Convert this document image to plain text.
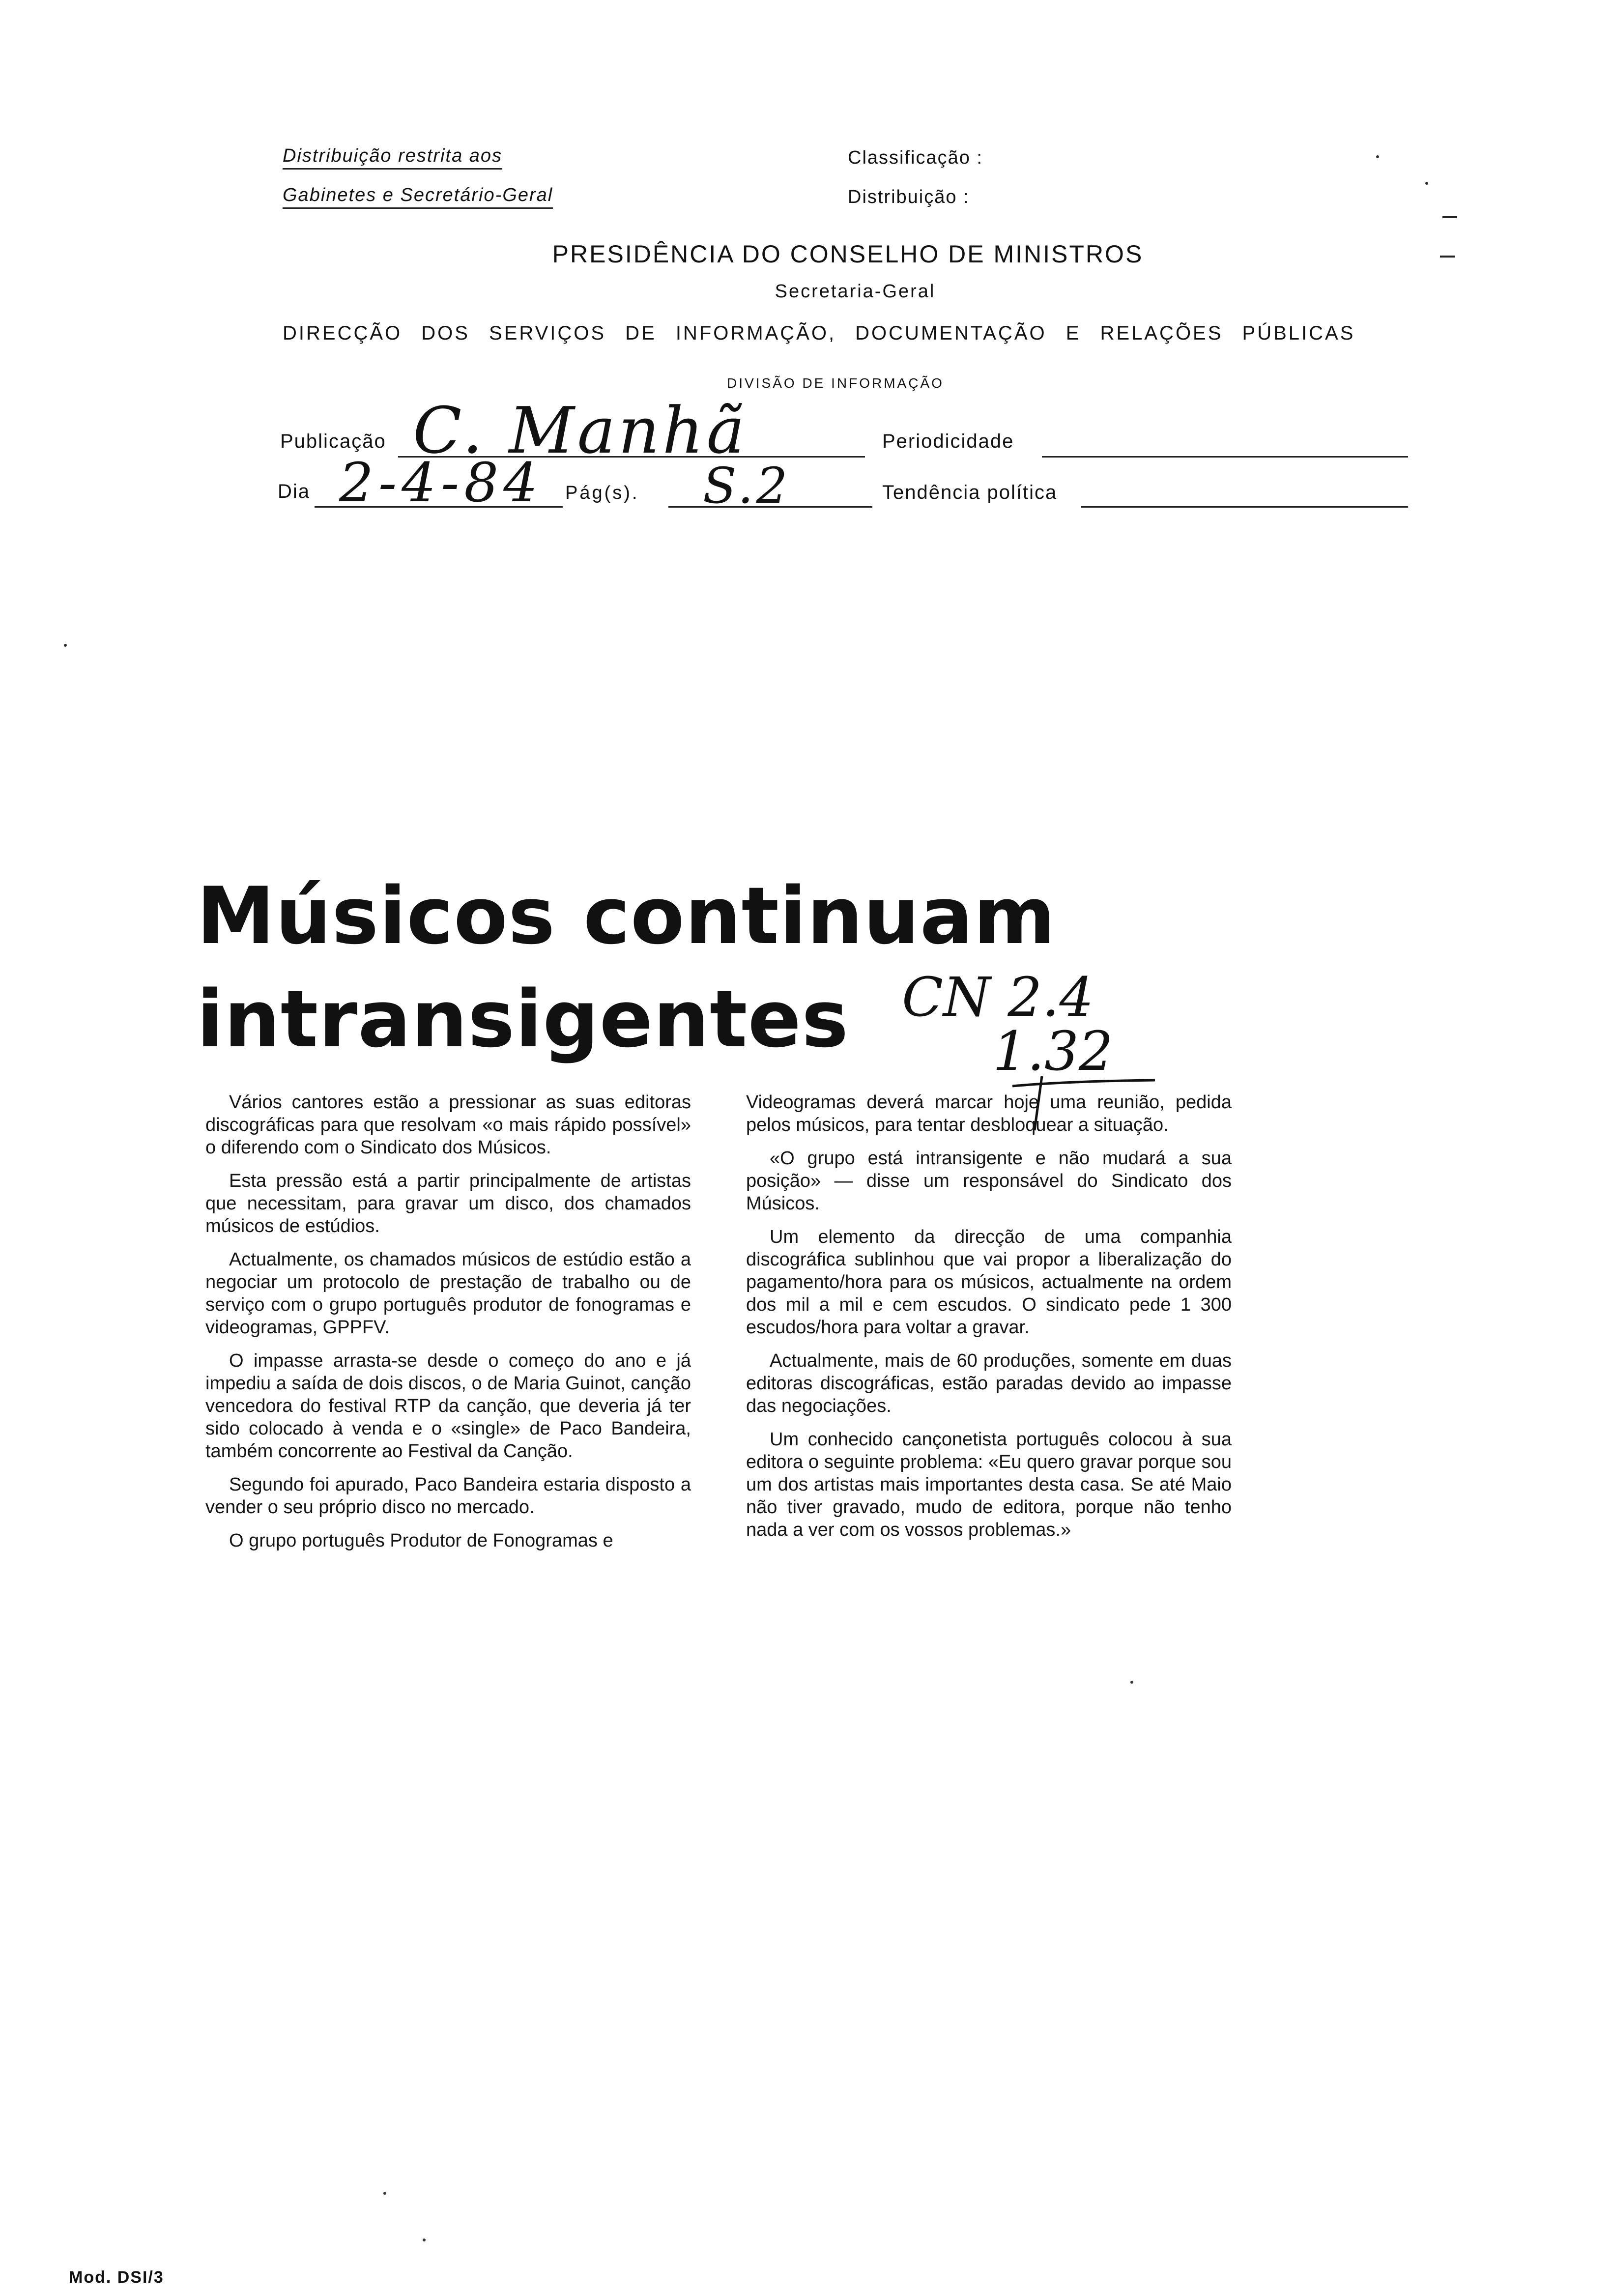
Distribuição restrita aos
Gabinetes e Secretário-Geral
Classificação :
Distribuição :
PRESIDÊNCIA DO CONSELHO DE MINISTROS
Secretaria-Geral
DIRECÇÃO DOS SERVIÇOS DE INFORMAÇÃO, DOCUMENTAÇÃO E RELAÇÕES PÚBLICAS
DIVISÃO DE INFORMAÇÃO
Publicação C. Manhã	Periodicidade
Dia 2-4-84 Pág(s). S.2	Tendência política
Músicos continuam
intransigentes CN 2.4
1.32

Vários cantores estão a pressionar as suas editoras discográficas para que resolvam «o mais rápido possível» o diferendo com o Sindicato dos Músicos.

Esta pressão está a partir principalmente de artistas que necessitam, para gravar um disco, dos chamados músicos de estúdios.

Actualmente, os chamados músicos de estúdio estão a negociar um protocolo de prestação de trabalho ou de serviço com o grupo português produtor de fonogramas e videogramas, GPPFV.

O impasse arrasta-se desde o começo do ano e já impediu a saída de dois discos, o de Maria Guinot, canção vencedora do festival RTP da canção, que deveria já ter sido colocado à venda e o «single» de Paco Bandeira, também concorrente ao Festival da Canção.

Segundo foi apurado, Paco Bandeira estaria disposto a vender o seu próprio disco no mercado.

O grupo português Produtor de Fonogramas e

Videogramas deverá marcar hoje uma reunião, pedida pelos músicos, para tentar desbloquear a situação.

«O grupo está intransigente e não mudará a sua posição» — disse um responsável do Sindicato dos Músicos.

Um elemento da direcção de uma companhia discográfica sublinhou que vai propor a liberalização do pagamento/hora para os músicos, actualmente na ordem dos mil a mil e cem escudos. O sindicato pede 1 300 escudos/hora para voltar a gravar.

Actualmente, mais de 60 produções, somente em duas editoras discográficas, estão paradas devido ao impasse das negociações.

Um conhecido cançonetista português colocou à sua editora o seguinte problema: «Eu quero gravar porque sou um dos artistas mais importantes desta casa. Se até Maio não tiver gravado, mudo de editora, porque não tenho nada a ver com os vossos problemas.»

Mod. DSI/3
